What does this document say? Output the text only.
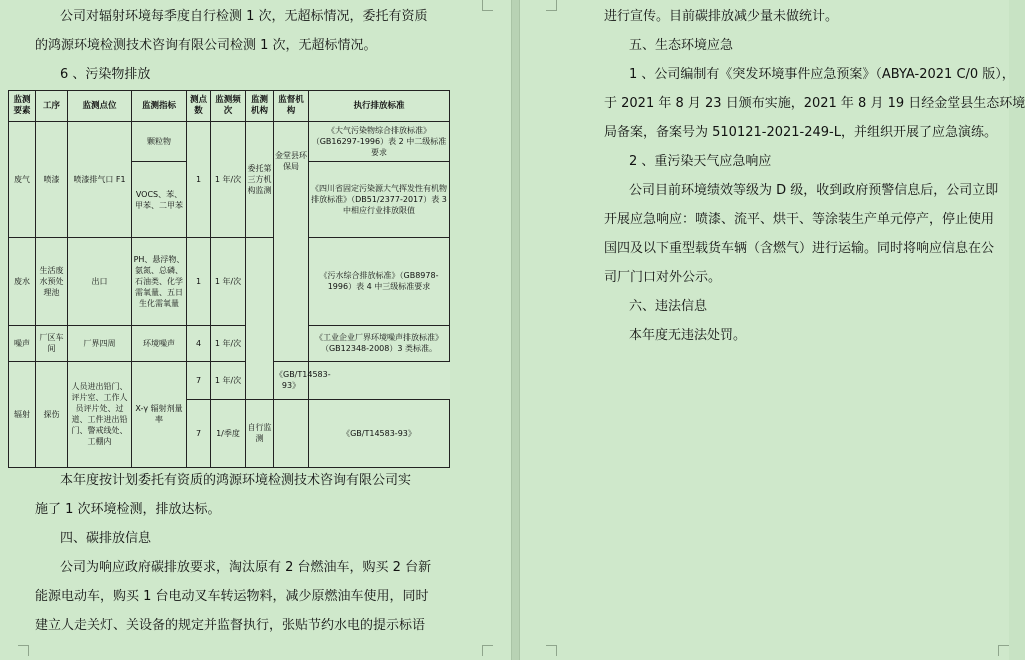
公司对辐射环境每季度自行检测 1 次，无超标情况，委托有资质

的鸿源环境检测技术咨询有限公司检测 1 次，无超标情况。

6 、污染物排放

监测要素	工序	监测点位	监测指标	测点数	监测频次	监测机构	监督机构	执行排放标准
废气	喷漆	喷漆排气口 F1	颗粒物	1	1 年/次	委托第三方机构监测	金堂县环保局	《大气污染物综合排放标准》（GB16297-1996）表 2 中二级标准要求
			VOCS、苯、甲苯、二甲苯					《四川省固定污染源大气挥发性有机物排放标准》（DB51/2377-2017）表 3 中相应行业排放限值
废水	生活废水预处理池	出口	PH、悬浮物、氨氮、总磷、石油类、化学需氧量、五日生化需氧量	1	1 年/次			《污水综合排放标准》（GB8978-1996）表 4 中三级标准要求
噪声	厂区车间	厂界四周	环境噪声	4	1 年/次			《工业企业厂界环境噪声排放标准》（GB12348-2008）3 类标准。
辐射	探伤	人员进出铅门、评片室、工作人员评片处、过道、工件进出铅门、警戒线处、工棚内	X-γ 辐射剂量率	7	1 年/次		《GB/T14583-93》	
				7	1/季度	自行监测		《GB/T14583-93》

本年度按计划委托有资质的鸿源环境检测技术咨询有限公司实

施了 1 次环境检测，排放达标。

四、碳排放信息

公司为响应政府碳排放要求，淘汰原有 2 台燃油车，购买 2 台新

能源电动车，购买 1 台电动叉车转运物料，减少原燃油车使用，同时

建立人走关灯、关设备的规定并监督执行，张贴节约水电的提示标语

进行宣传。目前碳排放减少量未做统计。

五、生态环境应急

1 、公司编制有《突发环境事件应急预案》（ABYA-2021 C/0 版），

于 2021 年 8 月 23 日颁布实施，2021 年 8 月 19 日经金堂县生态环境

局备案，备案号为 510121-2021-249-L，并组织开展了应急演练。

2 、重污染天气应急响应

公司目前环境绩效等级为 D 级，收到政府预警信息后，公司立即

开展应急响应：喷漆、流平、烘干、等涂装生产单元停产，停止使用

国四及以下重型载货车辆（含燃气）进行运输。同时将响应信息在公

司厂门口对外公示。

六、违法信息

本年度无违法处罚。
